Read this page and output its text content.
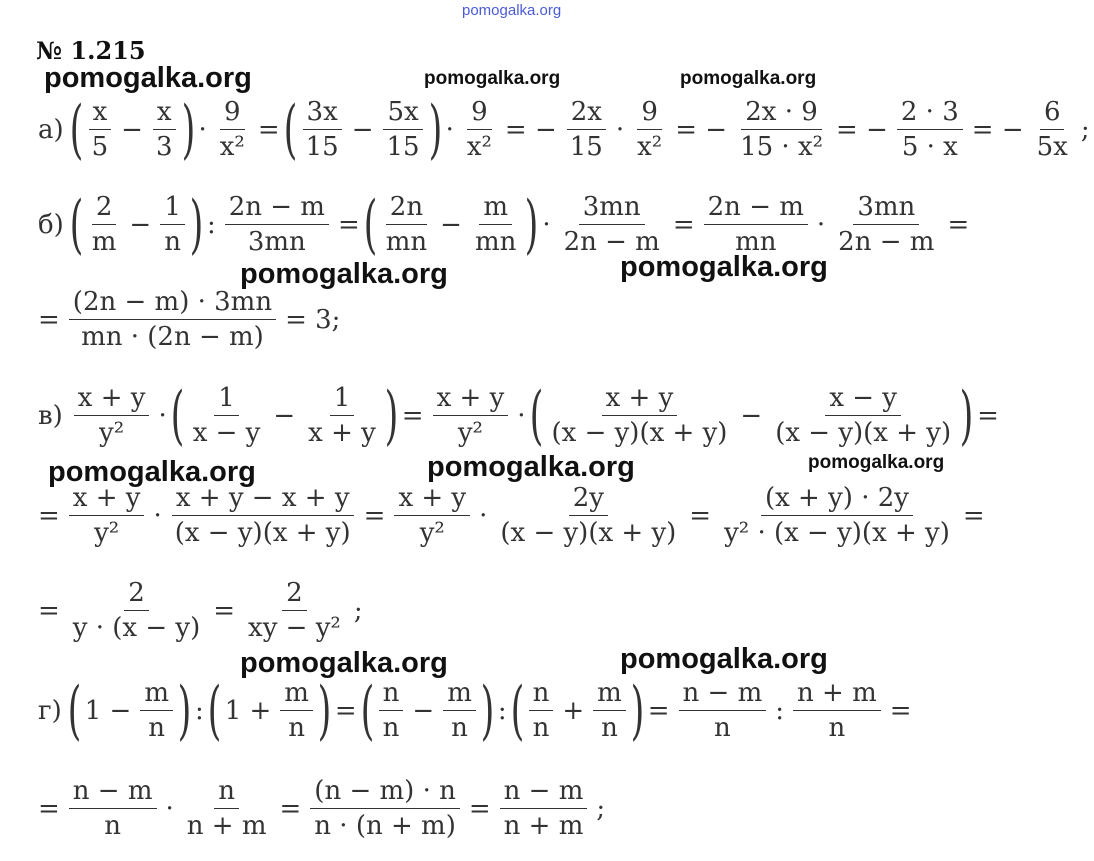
pomogalka.org
pomogalka.org	pomogalka.org	pomogalka.org
pomogalka.org	pomogalka.org
pomogalka.org	pomogalka.org	pomogalka.org
pomogalka.org	pomogalka.org
№ 1.215
а) ( $\frac{x}{5} - \frac{x}{3}$ ) · $\frac{9}{\text{x²}}$ = ( $\frac{3x}{15} - \frac{5x}{15}$ ) · $\frac{9}{\text{x²}}$ = − $\frac{2x}{15} \cdot \frac{9}{\text{x²}}$ = − $\frac{2x \cdot 9}{\text{15 · x²}}$ = − $\frac{2 \cdot 3}{5 \cdot x}$ = − $\frac{6}{5x}$ ;
б) ( $\frac{2}{m} - \frac{1}{n}$ ) : $\frac{2n - m}{3mn}$ = ( $\frac{2n}{mn} - \frac{m}{mn}$ ) · $\frac{3mn}{2n - m} = \frac{2n - m}{mn} \cdot \frac{3mn}{2n - m}$ =
= $\frac{(2n - m) \cdot 3mn}{mn \cdot (2n - m)} = 3$;
$в) \frac{x + y}{\text{y²}}$ · ( $\frac{1}{x - y} - \frac{1}{x + y}$ ) = $\frac{x + y}{\text{y²}}$ · ( $\frac{x + y}{(x - y)(x + y)} - \frac{x - y}{(x - y)(x + y)}$ ) =
= $\frac{x + y}{\text{y²}} \cdot \frac{x + y - x + y}{(x - y)(x + y)} = \frac{x + y}{\text{y²}} \cdot \frac{2y}{(x - y)(x + y)} = \frac{(x + y) \cdot 2y}{\text{y² · (x − y)(x + y)}}$ =
= $\frac{2}{y \cdot (x - y)} = \frac{2}{\text{xy − y²}}$ ;
г) ( $1 - \frac{m}{n}$ ) : ( $1 + \frac{m}{n}$ ) = ( $\frac{n}{n} - \frac{m}{n}$ ) : ( $\frac{n}{n} + \frac{m}{n}$ ) = $\frac{n - m}{n}$ : $\frac{n + m}{n}$ =
= $\frac{n - m}{n} \cdot \frac{n}{n + m} = \frac{(n - m) \cdot n}{n \cdot (n + m)} = \frac{n - m}{n + m}$ ;
